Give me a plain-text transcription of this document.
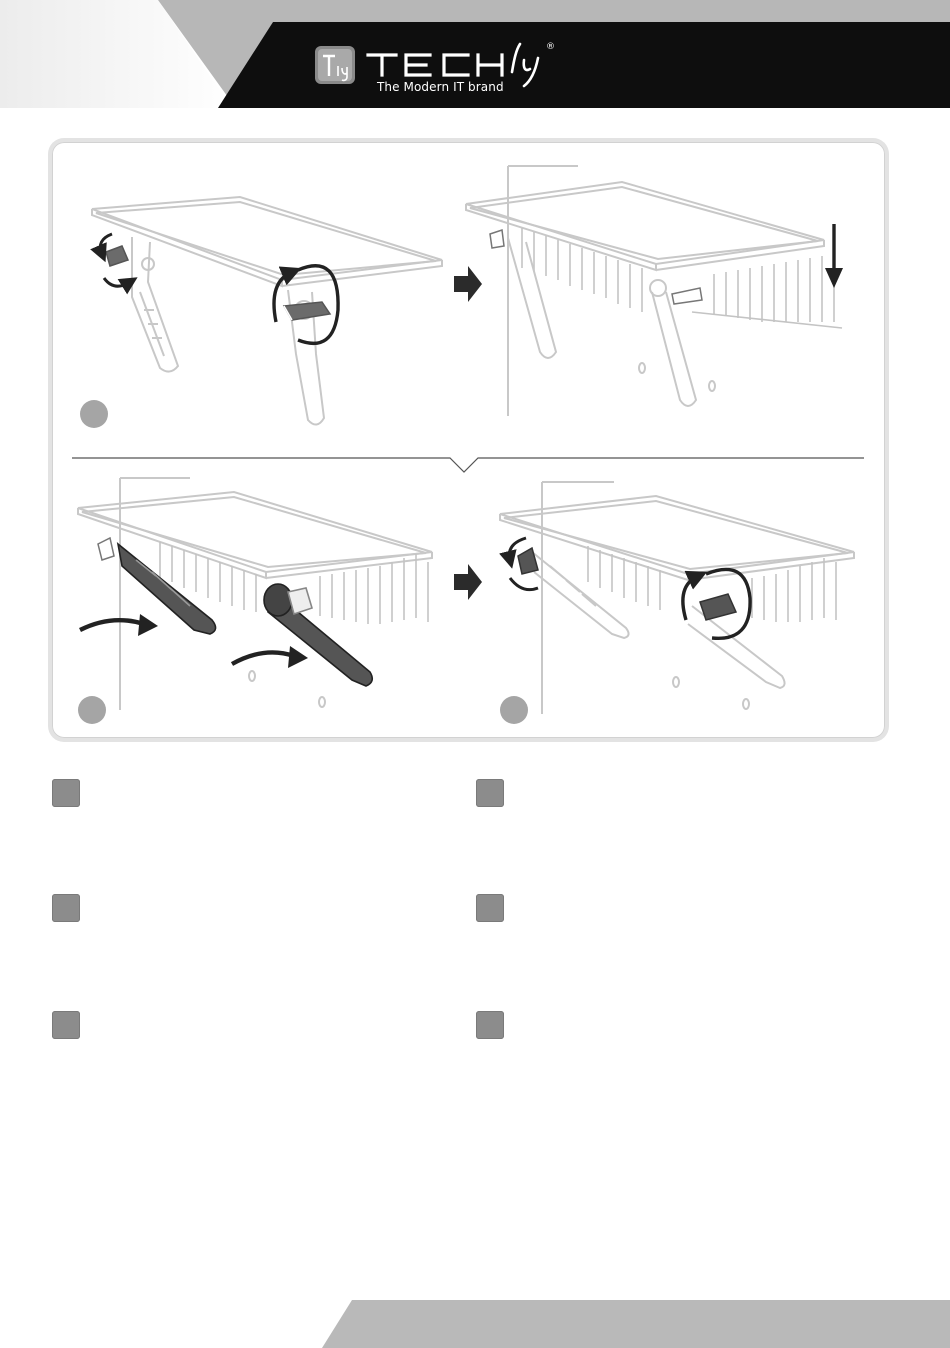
The Modern IT brand
®
